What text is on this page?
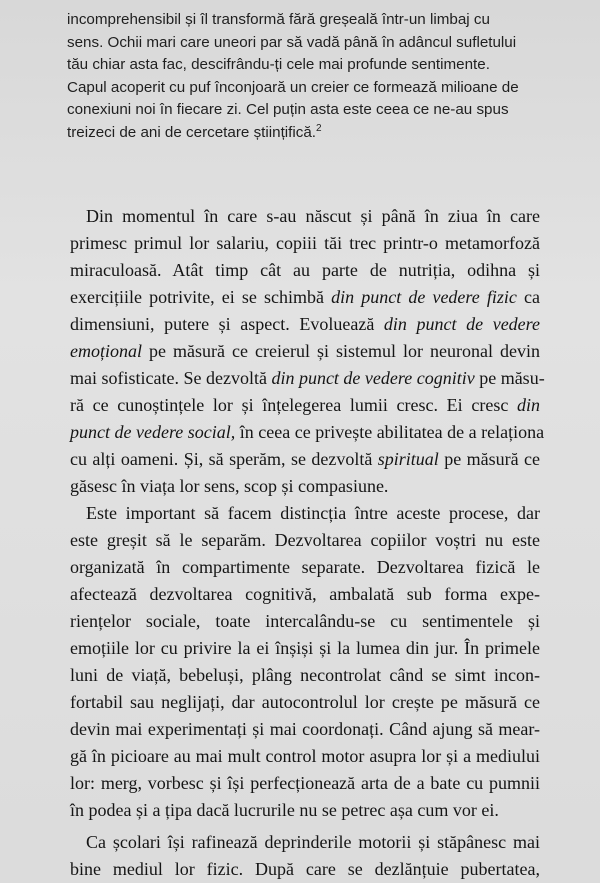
incomprehensibil și îl transformă fără greșeală într-un limbaj cu
sens. Ochii mari care uneori par să vadă până în adâncul sufletului
tău chiar asta fac, descifrându-ți cele mai profunde sentimente.
Capul acoperit cu puf înconjoară un creier ce formează milioane de
conexiuni noi în fiecare zi. Cel puțin asta este ceea ce ne-au spus
treizeci de ani de cercetare științifică.$^2$
Din momentul în care s-au născut și până în ziua în care
primesc primul lor salariu, copiii tăi trec printr-o metamorfoză
miraculoasă. Atât timp cât au parte de nutriția, odihna și
exercițiile potrivite, ei se schimbă din punct de vedere fizic ca
dimensiuni, putere și aspect. Evoluează din punct de vedere
emoțional pe măsură ce creierul și sistemul lor neuronal devin
mai sofisticate. Se dezvoltă din punct de vedere cognitiv pe măsu-
ră ce cunoștințele lor și înțelegerea lumii cresc. Ei cresc din
punct de vedere social, în ceea ce privește abilitatea de a relaționa
cu alți oameni. Și, să sperăm, se dezvoltă spiritual pe măsură ce
găsesc în viața lor sens, scop și compasiune.
Este important să facem distincția între aceste procese, dar
este greșit să le separăm. Dezvoltarea copiilor voștri nu este
organizată în compartimente separate. Dezvoltarea fizică le
afectează dezvoltarea cognitivă, ambalată sub forma expe-
riențelor sociale, toate intercalându-se cu sentimentele și
emoțiile lor cu privire la ei înșiși și la lumea din jur. În primele
luni de viață, bebeluși, plâng necontrolat când se simt incon-
fortabil sau neglijați, dar autocontrolul lor crește pe măsură ce
devin mai experimentați și mai coordonați. Când ajung să mear-
gă în picioare au mai mult control motor asupra lor și a mediului
lor: merg, vorbesc și își perfecționează arta de a bate cu pumnii
în podea și a țipa dacă lucrurile nu se petrec așa cum vor ei.
Ca școlari își rafinează deprinderile motorii și stăpânesc mai
bine mediul lor fizic. După care se dezlănțuie pubertatea,
